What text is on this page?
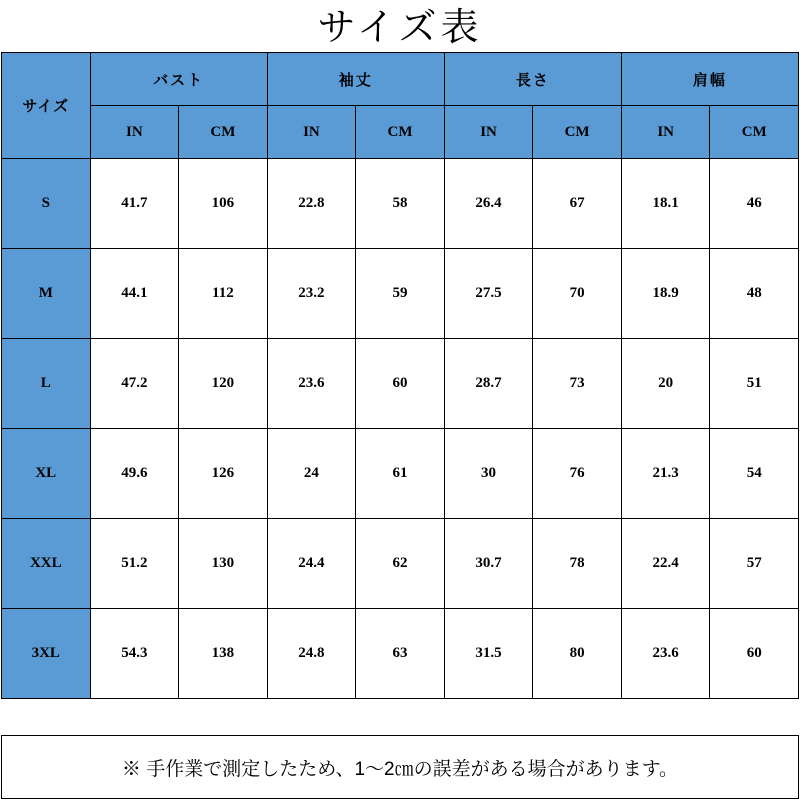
サイズ表
サイズ	バスト		袖丈		長さ		肩幅	
	IN	CM	IN	CM	IN	CM	IN	CM
S	41.7	106	22.8	58	26.4	67	18.1	46
M	44.1	112	23.2	59	27.5	70	18.9	48
L	47.2	120	23.6	60	28.7	73	20	51
XL	49.6	126	24	61	30	76	21.3	54
XXL	51.2	130	24.4	62	30.7	78	22.4	57
3XL	54.3	138	24.8	63	31.5	80	23.6	60
※ 手作業で測定したため、1〜2㎝の誤差がある場合があります。
